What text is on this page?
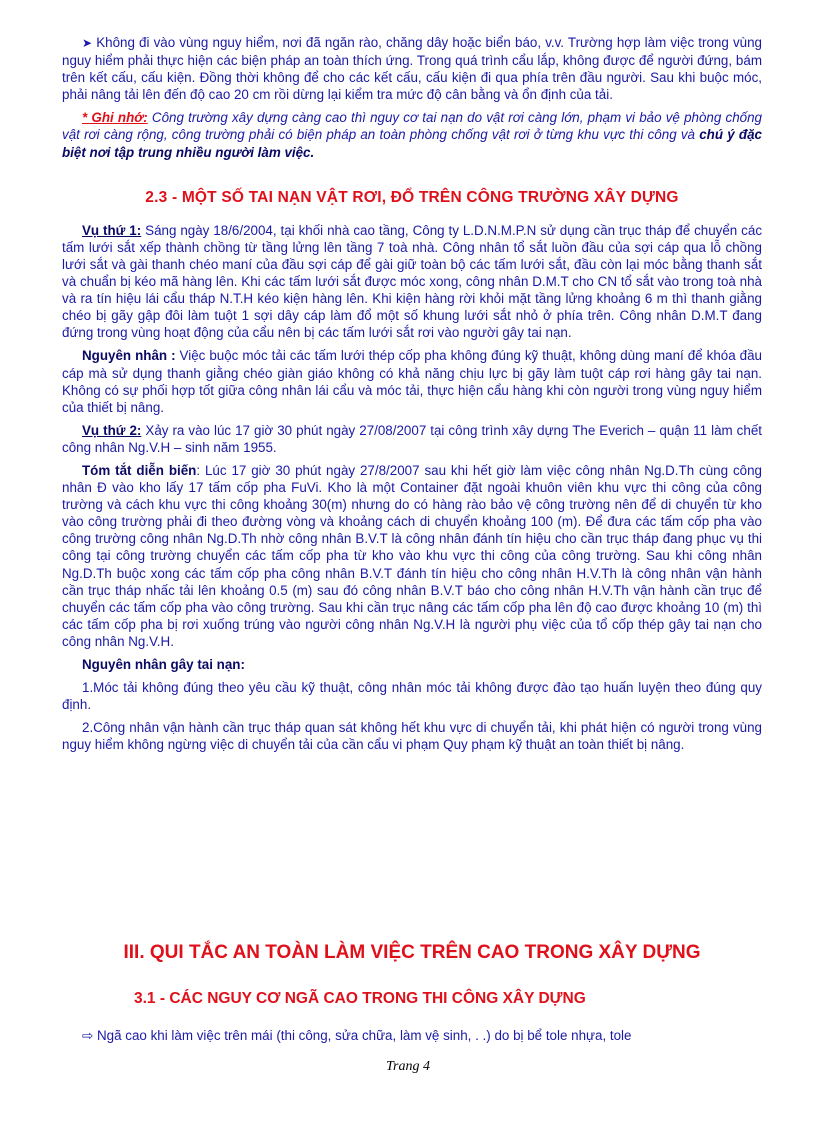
➤ Không đi vào vùng nguy hiểm, nơi đã ngăn rào, chăng dây hoặc biển báo, v.v. Trường hợp làm việc trong vùng nguy hiểm phải thực hiện các biện pháp an toàn thích ứng. Trong quá trình cẩu lắp, không được để người đứng, bám trên kết cấu, cấu kiện. Đồng thời không để cho các kết cấu, cấu kiện đi qua phía trên đầu người. Sau khi buộc móc, phải nâng tải lên đến độ cao 20 cm rồi dừng lại kiểm tra mức độ cân bằng và ổn định của tải.

* Ghi nhớ: Công trường xây dựng càng cao thì nguy cơ tai nạn do vật rơi càng lớn, phạm vi bảo vệ phòng chống vật rơi càng rộng, công trường phải có biện pháp an toàn phòng chống vật rơi ở từng khu vực thi công và chú ý đặc biệt nơi tập trung nhiều người làm việc.

2.3 - MỘT SỐ TAI NẠN VẬT RƠI, ĐỔ TRÊN CÔNG TRƯỜNG XÂY DỰNG

Vụ thứ 1: Sáng ngày 18/6/2004, tại khối nhà cao tầng, Công ty L.D.N.M.P.N sử dụng cần trục tháp để chuyển các tấm lưới sắt xếp thành chồng từ tầng lửng lên tầng 7 toà nhà. Công nhân tổ sắt luồn đầu của sợi cáp qua lỗ chồng lưới sắt và gài thanh chéo maní của đầu sợi cáp để gài giữ toàn bộ các tấm lưới sắt, đầu còn lại móc bằng thanh sắt và chuẩn bị kéo mã hàng lên. Khi các tấm lưới sắt được móc xong, công nhân D.M.T cho CN tổ sắt vào trong toà nhà và ra tín hiệu lái cẩu tháp N.T.H kéo kiện hàng lên. Khi kiện hàng rời khỏi mặt tầng lửng khoảng 6 m thì thanh giằng chéo bị gãy gập đôi làm tuột 1 sợi dây cáp làm đổ một số khung lưới sắt nhỏ ở phía trên. Công nhân D.M.T đang đứng trong vùng hoạt động của cẩu nên bị các tấm lưới sắt rơi vào người gây tai nạn.

Nguyên nhân : Việc buộc móc tải các tấm lưới thép cốp pha không đúng kỹ thuật, không dùng maní để khóa đầu cáp mà sử dụng thanh giằng chéo giàn giáo không có khả năng chịu lực bị gãy làm tuột cáp rơi hàng gây tai nạn. Không có sự phối hợp tốt giữa công nhân lái cẩu và móc tải, thực hiện cẩu hàng khi còn người trong vùng nguy hiểm của thiết bị nâng.

Vụ thứ 2: Xảy ra vào lúc 17 giờ 30 phút ngày 27/08/2007 tại công trình xây dựng The Everich – quận 11 làm chết công nhân Ng.V.H – sinh năm 1955.

Tóm tắt diễn biến: Lúc 17 giờ 30 phút ngày 27/8/2007 sau khi hết giờ làm việc công nhân Ng.D.Th cùng công nhân Đ vào kho lấy 17 tấm cốp pha FuVi. Kho là một Container đặt ngoài khuôn viên khu vực thi công của công trường và cách khu vực thi công khoảng 30(m) nhưng do có hàng rào bảo vệ công trường nên để di chuyển từ kho vào công trường phải đi theo đường vòng và khoảng cách di chuyển khoảng 100 (m). Để đưa các tấm cốp pha vào công trường công nhân Ng.D.Th nhờ công nhân B.V.T là công nhân đánh tín hiệu cho cần trục tháp đang phục vụ thi công tại công trường chuyển các tấm cốp pha từ kho vào khu vực thi công của công trường. Sau khi công nhân Ng.D.Th buộc xong các tấm cốp pha công nhân B.V.T đánh tín hiệu cho công nhân H.V.Th là công nhân vận hành cần trục tháp nhấc tải lên khoảng 0.5 (m) sau đó công nhân B.V.T báo cho công nhân H.V.Th vận hành cần trục để chuyển các tấm cốp pha vào công trường. Sau khi cần trục nâng các tấm cốp pha lên độ cao được khoảng 10 (m) thì các tấm cốp pha bị rơi xuống trúng vào người công nhân Ng.V.H là người phụ việc của tổ cốp thép gây tai nạn cho công nhân Ng.V.H.

Nguyên nhân gây tai nạn:

1.Móc tải không đúng theo yêu cầu kỹ thuật, công nhân móc tải không được đào tạo huấn luyện theo đúng quy định.

2.Công nhân vận hành cần trục tháp quan sát không hết khu vực di chuyển tải, khi phát hiện có người trong vùng nguy hiểm không ngừng việc di chuyển tải của cần cẩu vi phạm Quy phạm kỹ thuật an toàn thiết bị nâng.

III. QUI TẮC AN TOÀN LÀM VIỆC TRÊN CAO TRONG XÂY DỰNG
3.1 - CÁC NGUY CƠ NGÃ CAO TRONG THI CÔNG XÂY DỰNG

⇨ Ngã cao khi làm việc trên mái (thi công, sửa chữa, làm vệ sinh, . .) do bị bể tole nhựa, tole

Trang 4
